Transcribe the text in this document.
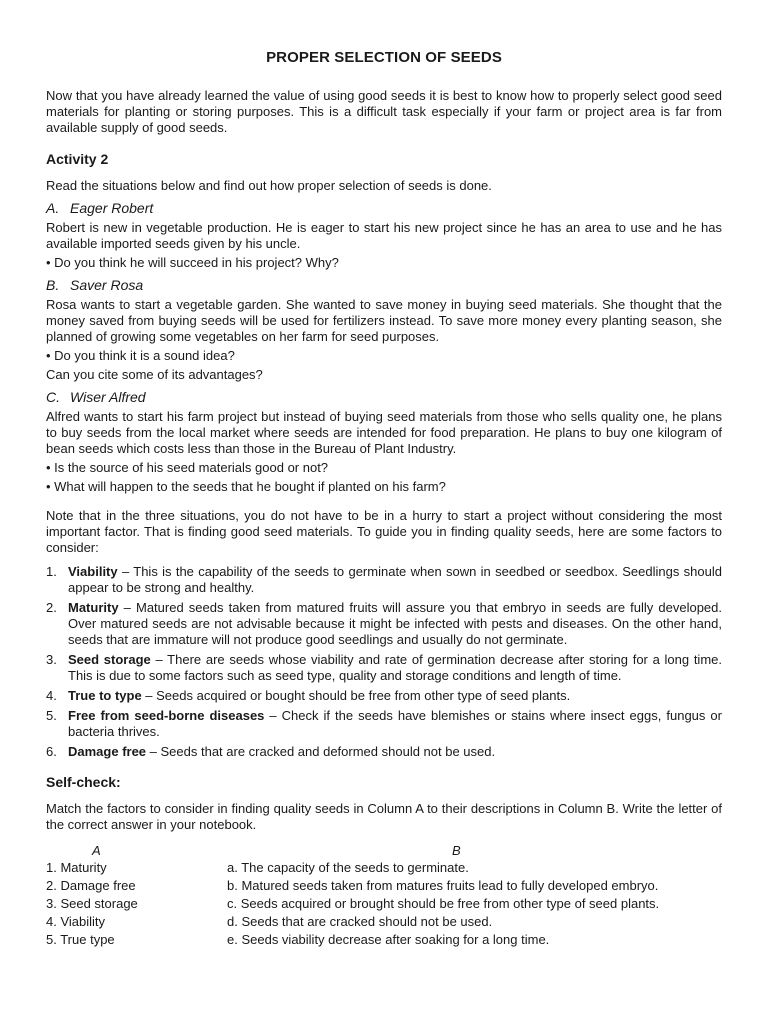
PROPER SELECTION OF SEEDS

Now that you have already learned the value of using good seeds it is best to know how to properly select good seed materials for planting or storing purposes. This is a difficult task especially if your farm or project area is far from available supply of good seeds.

Activity 2

Read the situations below and find out how proper selection of seeds is done.

A. Eager Robert

Robert is new in vegetable production. He is eager to start his new project since he has an area to use and he has available imported seeds given by his uncle.

• Do you think he will succeed in his project? Why?

B. Saver Rosa

Rosa wants to start a vegetable garden. She wanted to save money in buying seed materials. She thought that the money saved from buying seeds will be used for fertilizers instead. To save more money every planting season, she planned of growing some vegetables on her farm for seed purposes.

• Do you think it is a sound idea?

Can you cite some of its advantages?

C. Wiser Alfred

Alfred wants to start his farm project but instead of buying seed materials from those who sells quality one, he plans to buy seeds from the local market where seeds are intended for food preparation. He plans to buy one kilogram of bean seeds which costs less than those in the Bureau of Plant Industry.

• Is the source of his seed materials good or not?

• What will happen to the seeds that he bought if planted on his farm?

Note that in the three situations, you do not have to be in a hurry to start a project without considering the most important factor. That is finding good seed materials. To guide you in finding quality seeds, here are some factors to consider:

1. Viability – This is the capability of the seeds to germinate when sown in seedbed or seedbox. Seedlings should appear to be strong and healthy.
2. Maturity – Matured seeds taken from matured fruits will assure you that embryo in seeds are fully developed. Over matured seeds are not advisable because it might be infected with pests and diseases. On the other hand, seeds that are immature will not produce good seedlings and usually do not germinate.
3. Seed storage – There are seeds whose viability and rate of germination decrease after storing for a long time. This is due to some factors such as seed type, quality and storage conditions and length of time.
4. True to type – Seeds acquired or bought should be free from other type of seed plants.
5. Free from seed-borne diseases – Check if the seeds have blemishes or stains where insect eggs, fungus or bacteria thrives.
6. Damage free – Seeds that are cracked and deformed should not be used.
Self-check:

Match the factors to consider in finding quality seeds in Column A to their descriptions in Column B. Write the letter of the correct answer in your notebook.

A	B
1. Maturity	a. The capacity of the seeds to germinate.
2. Damage free	b. Matured seeds taken from matures fruits lead to fully developed embryo.
3. Seed storage	c. Seeds acquired or brought should be free from other type of seed plants.
4. Viability	d. Seeds that are cracked should not be used.
5. True type	e. Seeds viability decrease after soaking for a long time.
